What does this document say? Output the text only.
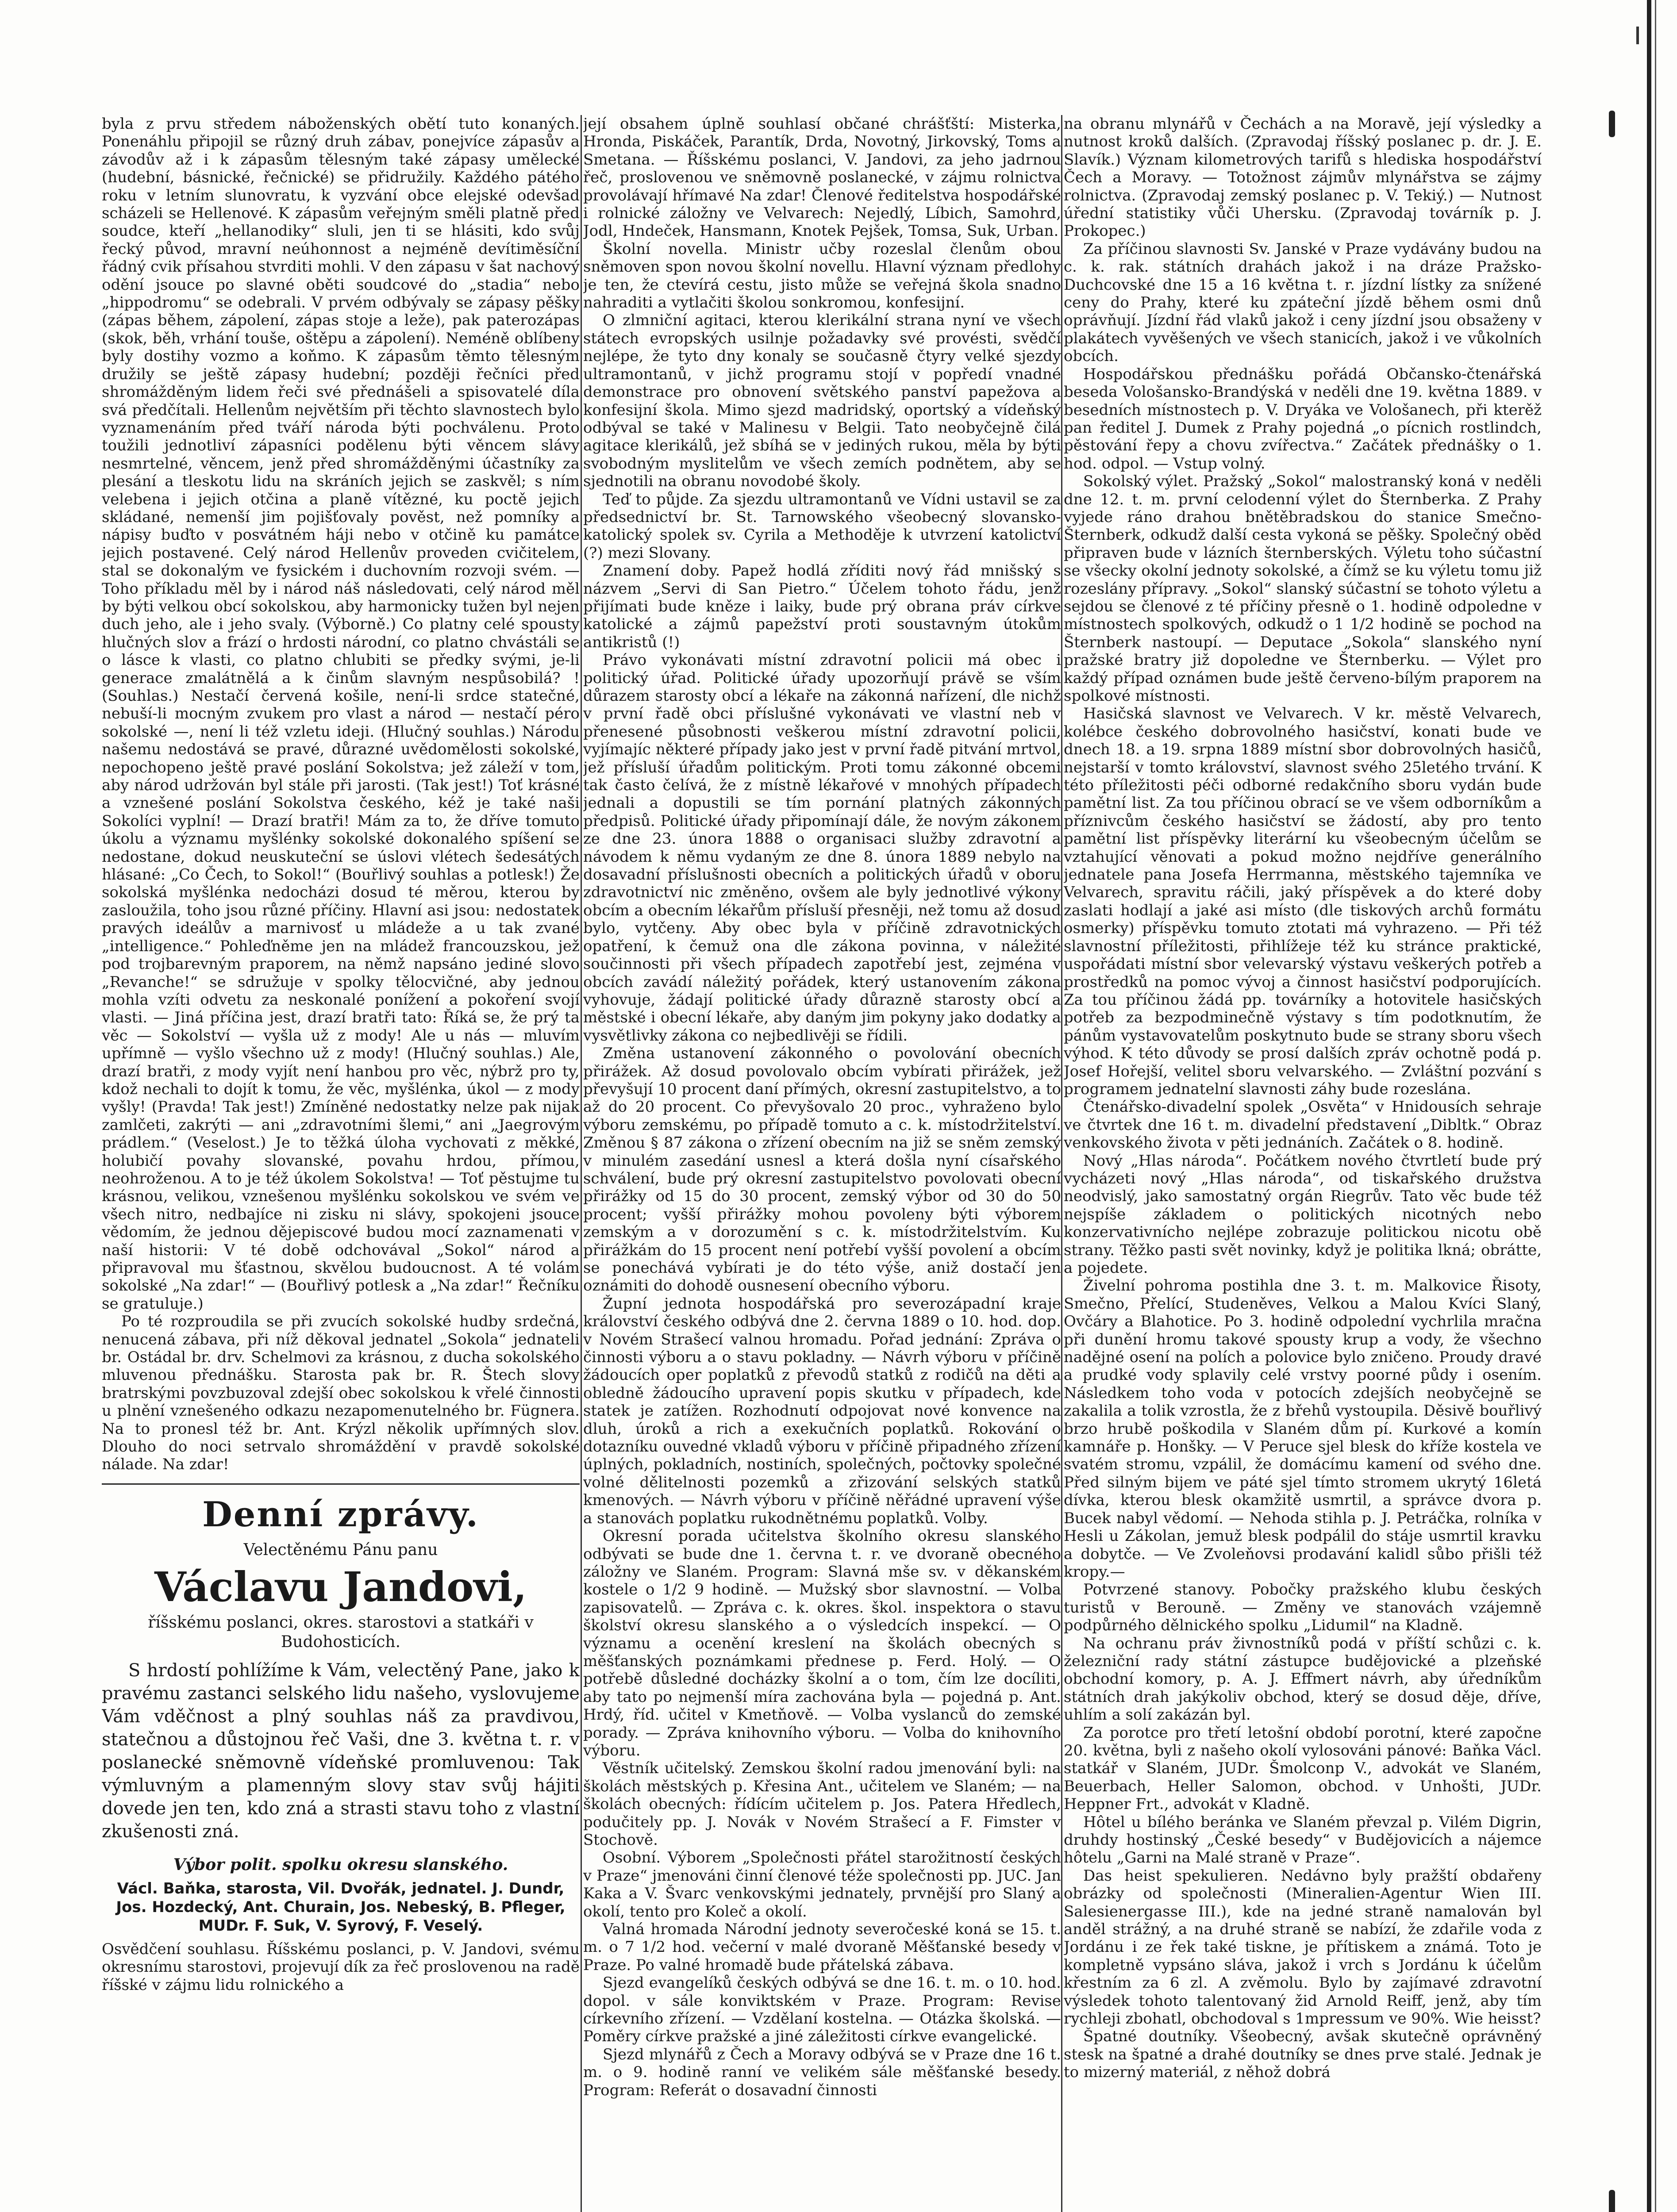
byla z prvu středem náboženských obětí tuto konaných. Ponenáhlu připojil se různý druh zábav, ponejvíce zápasův a závodův až i k zápasům tělesným také zápasy umělecké (hudební, básnické, řečnické) se přidružily. Každého pátého roku v letním slunovratu, k vyzvání obce elejské odevšad scházeli se Hellenové. K zápasům veřejným směli platně před soudce, kteří „hellanodiky“ sluli, jen ti se hlásiti, kdo svůj řecký původ, mravní neúhonnost a nejméně devítiměsíční řádný cvik přísahou stvrditi mohli. V den zápasu v šat nachový odění jsouce po slavné oběti soudcové do „stadia“ nebo „hippodromu“ se odebrali. V prvém odbývaly se zápasy pěšky (zápas během, zápolení, zápas stoje a leže), pak paterozápas (skok, běh, vrhání touše, oštěpu a zápolení). Neméně oblíbeny byly dostihy vozmo a koňmo. K zápasům těmto tělesným družily se ještě zápasy hudební; později řečníci před shromážděným lidem řeči své přednášeli a spisovatelé díla svá předčítali. Hellenům největším při těchto slavnostech bylo vyznamenáním před tváří národa býti pochválenu. Proto toužili jednotliví zápasníci podělenu býti věncem slávy nesmrtelné, věncem, jenž před shromážděnými účastníky za plesání a tleskotu lidu na skráních jejich se zaskvěl; s ním velebena i jejich otčina a planě vítězné, ku poctě jejich skládané, nemenší jim pojišťovaly pověst, než pomníky a nápisy buďto v posvátném háji nebo v otčině ku památce jejich postavené. Celý národ Hellenův proveden cvičitelem, stal se dokonalým ve fysickém i duchovním rozvoji svém. — Toho příkladu měl by i národ náš následovati, celý národ měl by býti velkou obcí sokolskou, aby harmonicky tužen byl nejen duch jeho, ale i jeho svaly. (Výborně.) Co platny celé spousty hlučných slov a frází o hrdosti národní, co platno chvástáli se o lásce k vlasti, co platno chlubiti se předky svými, je-li generace zmalátnělá a k činům slavným nespůsobilá? ! (Souhlas.) Nestačí červená košile, není-li srdce statečné, nebuší-li mocným zvukem pro vlast a národ — nestačí péro sokolské —, není li též vzletu ideji. (Hlučný souhlas.) Národu našemu nedostává se pravé, důrazné uvědomělosti sokolské, nepochopeno ještě pravé poslání Sokolstva; jež záleží v tom, aby národ udržován byl stále při jarosti. (Tak jest!) Toť krásné a vznešené poslání Sokolstva českého, kéž je také naši Sokolíci vyplní! — Drazí bratři! Mám za to, že dříve tomuto úkolu a významu myšlénky sokolské dokonalého spíšení se nedostane, dokud neuskuteční se úslovi vlétech šedesátých hlásané: „Co Čech, to Sokol!“ (Bouřlivý souhlas a potlesk!) Že sokolská myšlénka nedocházi dosud té měrou, kterou by zasloužila, toho jsou různé příčiny. Hlavní asi jsou: nedostatek pravých ideálův a marnivosť u mládeže a u tak zvané „intelligence.“ Pohleďněme jen na mládež francouzskou, jež pod trojbarevným praporem, na němž napsáno jediné slovo „Revanche!“ se sdružuje v spolky tělocvičné, aby jednou mohla vzíti odvetu za neskonalé ponížení a pokoření svojí vlasti. — Jiná příčina jest, drazí bratři tato: Říká se, že prý ta věc — Sokolství — vyšla už z mody! Ale u nás — mluvím upřímně — vyšlo všechno už z mody! (Hlučný souhlas.) Ale, drazí bratři, z mody vyjít není hanbou pro věc, nýbrž pro ty, kdož nechali to dojít k tomu, že věc, myšlénka, úkol — z mody vyšly! (Pravda! Tak jest!) Zmíněné nedostatky nelze pak nijak zamlčeti, zakrýti — ani „zdravotními šlemi,“ ani „Jaegrovým prádlem.“ (Veselost.) Je to těžká úloha vychovati z měkké, holubičí povahy slovanské, povahu hrdou, přímou, neohroženou. A to je též úkolem Sokolstva! — Toť pěstujme tu krásnou, velikou, vznešenou myšlénku sokolskou ve svém ve všech nitro, nedbajíce ni zisku ni slávy, spokojeni jsouce vědomím, že jednou dějepiscové budou mocí zaznamenati v naší historii: V té době odchovával „Sokol“ národ a připravoval mu šťastnou, skvělou budoucnost. A té volám sokolské „Na zdar!“ — (Bouřlivý potlesk a „Na zdar!“ Řečníku se gratuluje.)

Po té rozproudila se při zvucích sokolské hudby srdečná, nenucená zábava, při níž děkoval jednatel „Sokola“ jednateli br. Ostádal br. drv. Schelmovi za krásnou, z ducha sokolského mluvenou přednášku. Starosta pak br. R. Štech slovy bratrskými povzbuzoval zdejší obec sokolskou k vřelé činnosti u plnění vznešeného odkazu nezapomenutelného br. Fügnera. Na to pronesl též br. Ant. Krýzl několik upřímných slov. Dlouho do noci setrvalo shromáždění v pravdě sokolské nálade. Na zdar!

Denní zprávy.

Velectěnému Pánu panu

Václavu Jandovi,

říšskému poslanci, okres. starostovi a statkáři v Budohosticích.

S hrdostí pohlížíme k Vám, velectěný Pane, jako k pravému zastanci selského lidu našeho, vyslovujeme Vám vděčnost a plný souhlas náš za pravdivou, statečnou a důstojnou řeč Vaši, dne 3. května t. r. v poslanecké sněmovně vídeňské promluvenou: Tak výmluvným a plamenným slovy stav svůj hájiti dovede jen ten, kdo zná a strasti stavu toho z vlastní zkušenosti zná.

Výbor polit. spolku okresu slanského.

Václ. Baňka, starosta, Vil. Dvořák, jednatel. J. Dundr, Jos. Hozdecký, Ant. Churain, Jos. Nebeský, B. Pfleger, MUDr. F. Suk, V. Syrový, F. Veselý.

Osvědčení souhlasu. Říšskému poslanci, p. V. Jandovi, svému okresnímu starostovi, projevují dík za řeč proslovenou na radě říšské v zájmu lidu rolnického a

její obsahem úplně souhlasí občané chrášťští: Misterka, Hronda, Piskáček, Parantík, Drda, Novotný, Jirkovský, Toms a Smetana. — Říšskému poslanci, V. Jandovi, za jeho jadrnou řeč, proslovenou ve sněmovně poslanecké, v zájmu rolnictva provolávají hřímavé Na zdar! Členové ředitelstva hospodářské i rolnické záložny ve Velvarech: Nejedlý, Líbich, Samohrd, Jodl, Hndeček, Hansmann, Knotek Pejšek, Tomsa, Suk, Urban.

Školní novella. Ministr učby rozeslal členům obou sněmoven spon novou školní novellu. Hlavní význam předlohy je ten, že ctevírá cestu, jisto může se veřejná škola snadno nahraditi a vytlačiti školou sonkromou, konfesijní.

O zlmniční agitaci, kterou klerikální strana nyní ve všech státech evropských usilnje požadavky své provésti, svědčí nejlépe, že tyto dny konaly se současně čtyry velké sjezdy ultramontanů, v jichž programu stojí v popředí vnadné demonstrace pro obnovení světského panství papežova a konfesijní škola. Mimo sjezd madridský, oportský a vídeňský odbýval se také v Malinesu v Belgii. Tato neobyčejně čilá agitace klerikálů, jež sbíhá se v jediných rukou, měla by býti svobodným myslitelům ve všech zemích podnětem, aby se sjednotili na obranu novodobé školy.

Teď to půjde. Za sjezdu ultramontanů ve Vídni ustavil se za předsednictví br. St. Tarnowského všeobecný slovansko-katolický spolek sv. Cyrila a Methoděje k utvrzení katolictví (?) mezi Slovany.

Znamení doby. Papež hodlá zříditi nový řád mnišský s názvem „Servi di San Pietro.“ Účelem tohoto řádu, jenž přijímati bude kněze i laiky, bude prý obrana práv církve katolické a zájmů papežství proti soustavným útokům antikristů (!)

Právo vykonávati místní zdravotní policii má obec i politický úřad. Politické úřady upozorňují právě se vším důrazem starosty obcí a lékaře na zákonná nařízení, dle nichž v první řadě obci příslušné vykonávati ve vlastní neb v přenesené působnosti veškerou místní zdravotní policii, vyjímajíc některé případy jako jest v první řadě pitvání mrtvol, jež přísluší úřadům politickým. Proti tomu zákonné obcemi tak často čelívá, že z místně lékařové v mnohých případech jednali a dopustili se tím pornání platných zákonných předpisů. Politické úřady připomínají dále, že novým zákonem ze dne 23. února 1888 o organisaci služby zdravotní a návodem k němu vydaným ze dne 8. února 1889 nebylo na dosavadní příslušnosti obecních a politických úřadů v oboru zdravotnictví nic změněno, ovšem ale byly jednotlivé výkony obcím a obecním lékařům přísluší přesněji, než tomu až dosud bylo, vytčeny. Aby obec byla v příčině zdravotnických opatření, k čemuž ona dle zákona povinna, v náležité součinnosti při všech případech zapotřebí jest, zejména v obcích zavádí náležitý pořádek, který ustanovením zákona vyhovuje, žádají politické úřady důrazně starosty obcí a městské i obecní lékaře, aby daným jim pokyny jako dodatky a vysvětlivky zákona co nejbedlivěji se řídili.

Změna ustanovení zákonného o povolování obecních přirážek. Až dosud povolovalo obcím vybírati přirážek, jež převyšují 10 procent daní přímých, okresní zastupitelstvo, a to až do 20 procent. Co převyšovalo 20 proc., vyhraženo bylo výboru zemskému, po případě tomuto a c. k. místodržitelství. Změnou § 87 zákona o zřízení obecním na již se sněm zemský v minulém zasedání usnesl a která došla nyní císařského schválení, bude prý okresní zastupitelstvo povolovati obecní přirážky od 15 do 30 procent, zemský výbor od 30 do 50 procent; vyšší přirážky mohou povoleny býti výborem zemským a v dorozumění s c. k. místodržitelstvím. Ku přirážkám do 15 procent není potřebí vyšší povolení a obcím se ponechává vybírati je do této výše, aniž dostačí jen oznámiti do dohodě ousnesení obecního výboru.

Župní jednota hospodářská pro severozápadní kraje království českého odbývá dne 2. června 1889 o 10. hod. dop. v Novém Strašecí valnou hromadu. Pořad jednání: Zpráva o činnosti výboru a o stavu pokladny. — Návrh výboru v příčině žádoucích oper poplatků z převodů statků z rodičů na děti a obledně žádoucího upravení popis skutku v případech, kde statek je zatížen. Rozhodnutí odpojovat nové konvence na dluh, úroků a rich a exekučních poplatků. Rokování o dotazníku ouvedné vkladů výboru v příčině připadného zřízení úplných, pokladních, nostiních, společných, počtovky společné volné dělitelnosti pozemků a zřizování selských statků kmenových. — Návrh výboru v příčině něřádné upravení výše a stanovách poplatku rukodnětnému poplatků. Volby.

Okresní porada učitelstva školního okresu slanského odbývati se bude dne 1. června t. r. ve dvoraně obecného záložny ve Slaném. Program: Slavná mše sv. v děkanském kostele o 1/2 9 hodině. — Mužský sbor slavnostní. — Volba zapisovatelů. — Zpráva c. k. okres. škol. inspektora o stavu školství okresu slanského a o výsledcích inspekcí. — O významu a ocenění kreslení na školách obecných s měšťanských poznámkami přednese p. Ferd. Holý. — O potřebě důsledné docházky školní a o tom, čím lze docíliti, aby tato po nejmenší míra zachována byla — pojedná p. Ant. Hrdý, říd. učitel v Kmetňově. — Volba vyslanců do zemské porady. — Zpráva knihovního výboru. — Volba do knihovního výboru.

Věstník učitelský. Zemskou školní radou jmenování byli: na školách městských p. Křesina Ant., učitelem ve Slaném; — na školách obecných: řídícím učitelem p. Jos. Patera Hředlech, podučitely pp. J. Novák v Novém Strašecí a F. Fimster v Stochově.

Osobní. Výborem „Společnosti přátel starožitností českých v Praze“ jmenováni činní členové téže společnosti pp. JUC. Jan Kaka a V. Švarc venkovskými jednately, prvnější pro Slaný a okolí, tento pro Koleč a okolí.

Valná hromada Národní jednoty severočeské koná se 15. t. m. o 7 1/2 hod. večerní v malé dvoraně Měšťanské besedy v Praze. Po valné hromadě bude přátelská zábava.

Sjezd evangelíků českých odbývá se dne 16. t. m. o 10. hod. dopol. v sále konviktském v Praze. Program: Revise církevního zřízení. — Vzdělaní kostelna. — Otázka školská. — Poměry církve pražské a jiné záležitosti církve evangelické.

Sjezd mlynářů z Čech a Moravy odbývá se v Praze dne 16 t. m. o 9. hodině ranní ve velikém sále měšťanské besedy. Program: Referát o dosavadní činnosti

na obranu mlynářů v Čechách a na Moravě, její výsledky a nutnost kroků dalších. (Zpravodaj říšský poslanec p. dr. J. E. Slavík.) Význam kilometrových tarifů s hlediska hospodářství Čech a Moravy. — Totožnost zájmův mlynářstva se zájmy rolnictva. (Zpravodaj zemský poslanec p. V. Tekiý.) — Nutnost úřední statistiky vůči Uhersku. (Zpravodaj továrník p. J. Prokopec.)

Za příčinou slavnosti Sv. Janské v Praze vydávány budou na c. k. rak. státních drahách jakož i na dráze Pražsko-Duchcovské dne 15 a 16 května t. r. jízdní lístky za snížené ceny do Prahy, které ku zpáteční jízdě během osmi dnů oprávňují. Jízdní řád vlaků jakož i ceny jízdní jsou obsaženy v plakátech vyvěšených ve všech stanicích, jakož i ve vůkolních obcích.

Hospodářskou přednášku pořádá Občansko-čtenářská beseda Vološansko-Brandýská v neděli dne 19. května 1889. v besedních místnostech p. V. Dryáka ve Vološanech, při kterěž pan ředitel J. Dumek z Prahy pojedná „o pícnich rostlindch, pěstování řepy a chovu zvířectva.“ Začátek přednášky o 1. hod. odpol. — Vstup volný.

Sokolský výlet. Pražský „Sokol“ malostranský koná v neděli dne 12. t. m. první celodenní výlet do Šternberka. Z Prahy vyjede ráno drahou bnětěbradskou do stanice Smečno-Šternberk, odkudž další cesta vykoná se pěšky. Společný oběd připraven bude v lázních šternberských. Výletu toho súčastní se všecky okolní jednoty sokolské, a čímž se ku výletu tomu již rozeslány přípravy. „Sokol“ slanský súčastní se tohoto výletu a sejdou se členové z té příčiny přesně o 1. hodině odpoledne v místnostech spolkových, odkudž o 1 1/2 hodině se pochod na Šternberk nastoupí. — Deputace „Sokola“ slanského nyní pražské bratry již dopoledne ve Šternberku. — Výlet pro každý případ oznámen bude ještě červeno-bílým praporem na spolkové místnosti.

Hasičská slavnost ve Velvarech. V kr. městě Velvarech, kolébce českého dobrovolného hasičství, konati bude ve dnech 18. a 19. srpna 1889 místní sbor dobrovolných hasičů, nejstarší v tomto království, slavnost svého 25letého trvání. K této příležitosti péči odborné redakčního sboru vydán bude pamětní list. Za tou příčinou obrací se ve všem odborníkům a příznivcům českého hasičství se žádostí, aby pro tento pamětní list příspěvky literární ku všeobecným účelům se vztahující věnovati a pokud možno nejdříve generálního jednatele pana Josefa Herrmanna, městského tajemníka ve Velvarech, spravitu ráčili, jaký příspěvek a do které doby zaslati hodlají a jaké asi místo (dle tiskových archů formátu osmerky) příspěvku tomuto ztotati má vyhrazeno. — Při též slavnostní příležitosti, přihlížeje též ku stránce praktické, uspořádati místní sbor velevarský výstavu veškerých potřeb a prostředků na pomoc vývoj a činnost hasičství podporujících. Za tou příčinou žádá pp. továrníky a hotovitele hasičských potřeb za bezpodminečně výstavy s tím podotknutím, že pánům vystavovatelům poskytnuto bude se strany sboru všech výhod. K této důvody se prosí dalších zpráv ochotně podá p. Josef Hořejší, velitel sboru velvarského. — Zvláštní pozvání s programem jednatelní slavnosti záhy bude rozeslána.

Čtenářsko-divadelní spolek „Osvěta“ v Hnidousích sehraje ve čtvrtek dne 16 t. m. divadelní představení „Dibltk.“ Obraz venkovského života v pěti jednáních. Začátek o 8. hodině.

Nový „Hlas národa“. Počátkem nového čtvrtletí bude prý vycházeti nový „Hlas národa“, od tiskařského družstva neodvislý, jako samostatný orgán Riegrův. Tato věc bude též nejspíše základem o politických nicotných nebo konzervativnícho nejlépe zobrazuje politickou nicotu obě strany. Těžko pasti svět novinky, když je politika lkná; obrátte, a pojedete.

Živelní pohroma postihla dne 3. t. m. Malkovice Řisoty, Smečno, Přelící, Studeněves, Velkou a Malou Kvíci Slaný, Ovčáry a Blahotice. Po 3. hodině odpolední vychrlila mračna při dunění hromu takové spousty krup a vody, že všechno nadějné osení na polích a polovice bylo zničeno. Proudy dravé a prudké vody splavily celé vrstvy poorné půdy i osením. Následkem toho voda v potocích zdejších neobyčejně se zakalila a tolik vzrostla, že z břehů vystoupila. Děsivě bouřlivý brzo hrubě poškodila v Slaném dům pí. Kurkové a komín kamnáře p. Honšky. — V Peruce sjel blesk do kříže kostela ve svatém stromu, vzpálil, že domácímu kamení od svého dne. Před silným bijem ve páté sjel tímto stromem ukrytý 16letá dívka, kterou blesk okamžitě usmrtil, a správce dvora p. Bucek nabyl vědomí. — Nehoda stihla p. J. Petráčka, rolníka v Hesli u Zákolan, jemuž blesk podpálil do stáje usmrtil kravku a dobytče. — Ve Zvoleňovsi prodavání kalidl sůbo přišli též kropy.—

Potvrzené stanovy. Pobočky pražského klubu českých turistů v Berouně. — Změny ve stanovách vzájemně podpůrného dělnického spolku „Lidumil“ na Kladně.

Na ochranu práv živnostníků podá v příští schůzi c. k. železniční rady státní zástupce budějovické a plzeňské obchodní komory, p. A. J. Effmert návrh, aby úředníkům státních drah jakýkoliv obchod, který se dosud děje, dříve, uhlím a solí zakázán byl.

Za porotce pro třetí letošní období porotní, které započne 20. května, byli z našeho okolí vylosováni pánové: Baňka Václ. statkář v Slaném, JUDr. Šmolconp V., advokát ve Slaném, Beuerbach, Heller Salomon, obchod. v Unhošti, JUDr. Heppner Frt., advokát v Kladně.

Hôtel u bílého beránka ve Slaném převzal p. Vilém Digrin, druhdy hostinský „České besedy“ v Budějovicích a nájemce hôtelu „Garni na Malé straně v Praze“.

Das heist spekulieren. Nedávno byly pražští obdařeny obrázky od společnosti (Mineralien-Agentur Wien III. Salesienergasse III.), kde na jedné straně namalován byl anděl strážný, a na druhé straně se nabízí, že zdařile voda z Jordánu i ze řek také tiskne, je přítiskem a známá. Toto je kompletně vypsáno sláva, jakož i vrch s Jordánu k účelům křestním za 6 zl. A zvěmolu. Bylo by zajímavé zdravotní výsledek tohoto talentovaný žid Arnold Reiff, jenž, aby tím rychleji zbohatl, obchodoval s 1mpressum ve 90%. Wie heisst?

Špatné doutníky. Všeobecný, avšak skutečně oprávněný stesk na špatné a drahé doutníky se dnes prve stalé. Jednak je to mizerný materiál, z něhož dobrá
